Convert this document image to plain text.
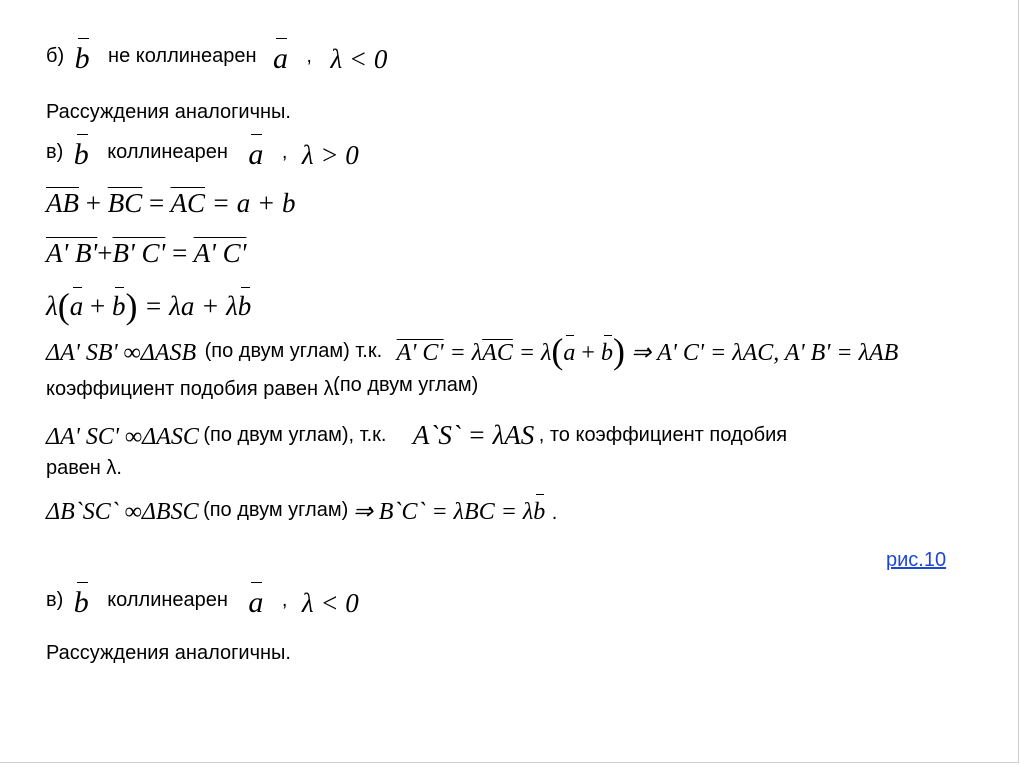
б) b не коллинеарен a , λ < 0
Рассуждения аналогичны.
в) b коллинеарен a , λ > 0
$\overline{AB} + \overline{BC} = \overline{AC} = a + b$
A' B'+B' C' = A' C'
λ(a + b) = λa + λb
ΔA' SB' ∞ΔASB (по двум углам) т.к. A' $C' = \lambda\overline{AC} = \lambda(a + b)$ ⇒ A' C' = λAC, A' B' = λAB
коэффициент подобия равен λ.(по двум углам)
ΔA' SC' ∞ΔASC (по двум углам), т.к. A`S` = λAS , то коэффициент подобия
равен λ.
ΔB`SC` ∞ΔBSC (по двум углам) ⇒ B`C` = λBC = λb .
рис.10
в) b коллинеарен a , λ < 0
Рассуждения аналогичны.
